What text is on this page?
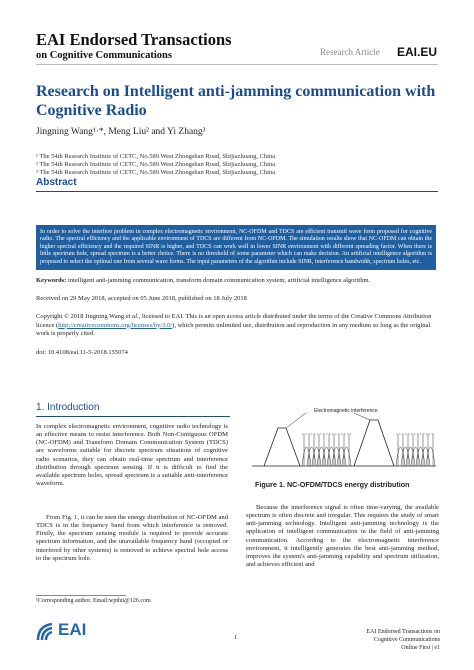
EAI Endorsed Transactions
on Cognitive Communications	Research Article EAI.EU
Research on Intelligent anti-jamming communication with Cognitive Radio
Jingning Wang¹·*, Meng Liu² and Yi Zhang³
¹ The 54th Research Institute of CETC, No.589 West Zhongshan Road, Shijiazhuang, China
² The 54th Research Institute of CETC, No.589 West Zhongshan Road, Shijiazhuang, China
³ The 54th Research Institute of CETC, No.589 West Zhongshan Road, Shijiazhuang, China
Abstract
In order to solve the interfere problem in complex electromagnetic environment, NC-OFDM and TDCS are efficient transmit wave form proposed for cognitive radio. The spectral efficiency and the applicable environment of TDCS are different from NC-OFDM. The simulation results show that NC-OFDM can obtain the higher spectral efficiency and the required SINR is higher, and TDCS can work well in lower SINR environment with different spreading factor. When there is little spectrum hole, spread spectrum is a better choice. There is no threshold of some parameter which can make decision. An artificial intelligence algorithm is proposed to select the optimal one from several wave forms. The input parameters of the algorithm include SINR, interference bandwidth, spectrum holes, etc.
Keywords: intelligent anti-jamming communication, transform domain communication system, artificial intelligence algorithm.
Received on 29 May 2018, accepted on 05 June 2018, published on 18 July 2018
Copyright © 2018 Jingning Wang et al., licensed to EAI. This is an open access article distributed under the terms of the Creative Commons Attribution licence (http://creativecommons.org/licenses/by/3.0/), which permits unlimited use, distribution and reproduction in any medium so long as the original work is properly cited.
doi: 10.4108/eai.11-5-2018.155074
1. Introduction
In complex electromagnetic environment, cognitive radio technology is an effective means to resist interference. Both Non-Contiguous OFDM (NC-OFDM) and Transform Domain Communication System (TDCS) are waveforms suitable for discrete spectrum situations of cognitive radio scenarios, they can obtain real-time spectrum and interference distribution through spectrum sensing. If it is difficult to find the available spectrum holes, spread spectrum is a suitable anti-interference waveform.
From Fig. 1, it can be seen the energy distribution of NC-OFDM and TDCS is in the frequency band from which interference is removed. Firstly, the spectrum sensing module is required to provide accurate spectrum information, and the unavailable frequency band (occupied or interfered by other systems) is removed to achieve spectral hole access to the spectrum hole.
Electromagnetic interference
Figure 1. NC-OFDM/TDCS energy distribution
Because the interference signal is often time-varying, the available spectrum is often discrete and irregular. This requires the study of smart anti-jamming technology. Intelligent anti-jamming technology is the application of intelligent communication in the field of anti-jamming communication. According to the electromagnetic interference environment, it intelligently generates the best anti-jamming method, improves the system's anti-jamming capability and spectrum utilization, and achieves efficient and
¹Corresponding author. Email:wjnhit@126.com
EAI	1
EAI Endorsed Transactions on
Cognitive Communications
Online First | e1
